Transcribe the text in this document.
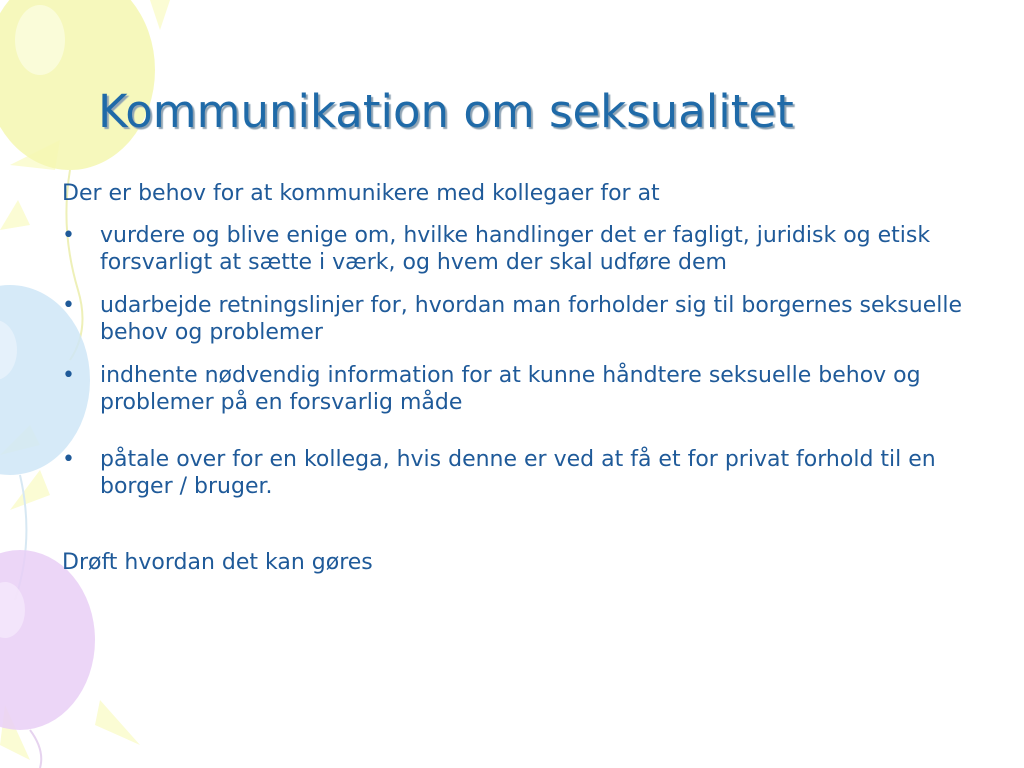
Kommunikation om seksualitet

Der er behov for at kommunikere med kollegaer for at

• vurdere og blive enige om, hvilke handlinger det er fagligt, juridisk og etisk forsvarligt at sætte i værk, og hvem der skal udføre dem
• udarbejde retningslinjer for, hvordan man forholder sig til borgernes seksuelle behov og problemer
• indhente nødvendig information for at kunne håndtere seksuelle behov og problemer på en forsvarlig måde
• påtale over for en kollega, hvis denne er ved at få et for privat forhold til en borger / bruger.

Drøft hvordan det kan gøres
